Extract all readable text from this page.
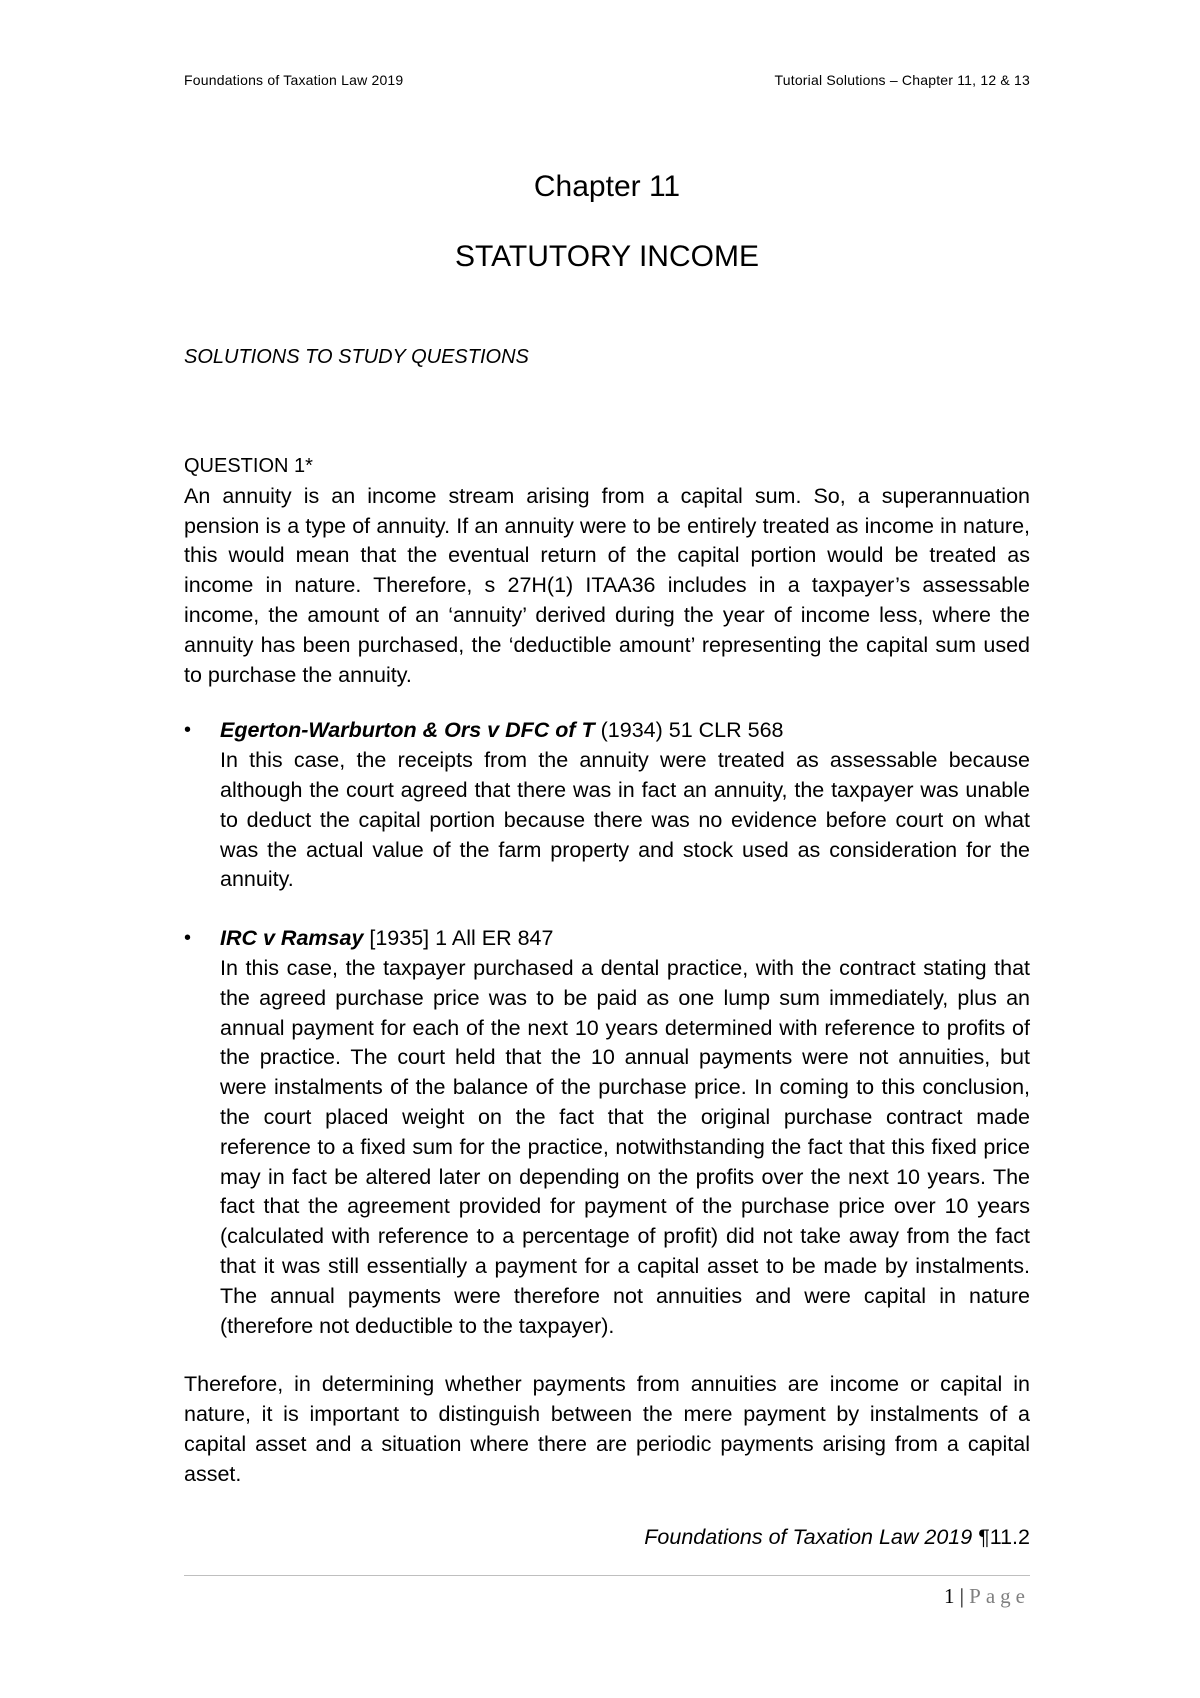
Foundations of Taxation Law 2019	Tutorial Solutions – Chapter 11, 12 & 13
Chapter 11
STATUTORY INCOME
SOLUTIONS TO STUDY QUESTIONS

QUESTION 1*

An annuity is an income stream arising from a capital sum. So, a superannuation pension is a type of annuity. If an annuity were to be entirely treated as income in nature, this would mean that the eventual return of the capital portion would be treated as income in nature. Therefore, s 27H(1) ITAA36 includes in a taxpayer’s assessable income, the amount of an ‘annuity’ derived during the year of income less, where the annuity has been purchased, the ‘deductible amount’ representing the capital sum used to purchase the annuity.

• Egerton-Warburton & Ors v DFC of T (1934) 51 CLR 568

In this case, the receipts from the annuity were treated as assessable because although the court agreed that there was in fact an annuity, the taxpayer was unable to deduct the capital portion because there was no evidence before court on what was the actual value of the farm property and stock used as consideration for the annuity.

• IRC v Ramsay [1935] 1 All ER 847

In this case, the taxpayer purchased a dental practice, with the contract stating that the agreed purchase price was to be paid as one lump sum immediately, plus an annual payment for each of the next 10 years determined with reference to profits of the practice. The court held that the 10 annual payments were not annuities, but were instalments of the balance of the purchase price. In coming to this conclusion, the court placed weight on the fact that the original purchase contract made reference to a fixed sum for the practice, notwithstanding the fact that this fixed price may in fact be altered later on depending on the profits over the next 10 years. The fact that the agreement provided for payment of the purchase price over 10 years (calculated with reference to a percentage of profit) did not take away from the fact that it was still essentially a payment for a capital asset to be made by instalments. The annual payments were therefore not annuities and were capital in nature (therefore not deductible to the taxpayer).

Therefore, in determining whether payments from annuities are income or capital in nature, it is important to distinguish between the mere payment by instalments of a capital asset and a situation where there are periodic payments arising from a capital asset.

Foundations of Taxation Law 2019 ¶11.2
1 | Page
